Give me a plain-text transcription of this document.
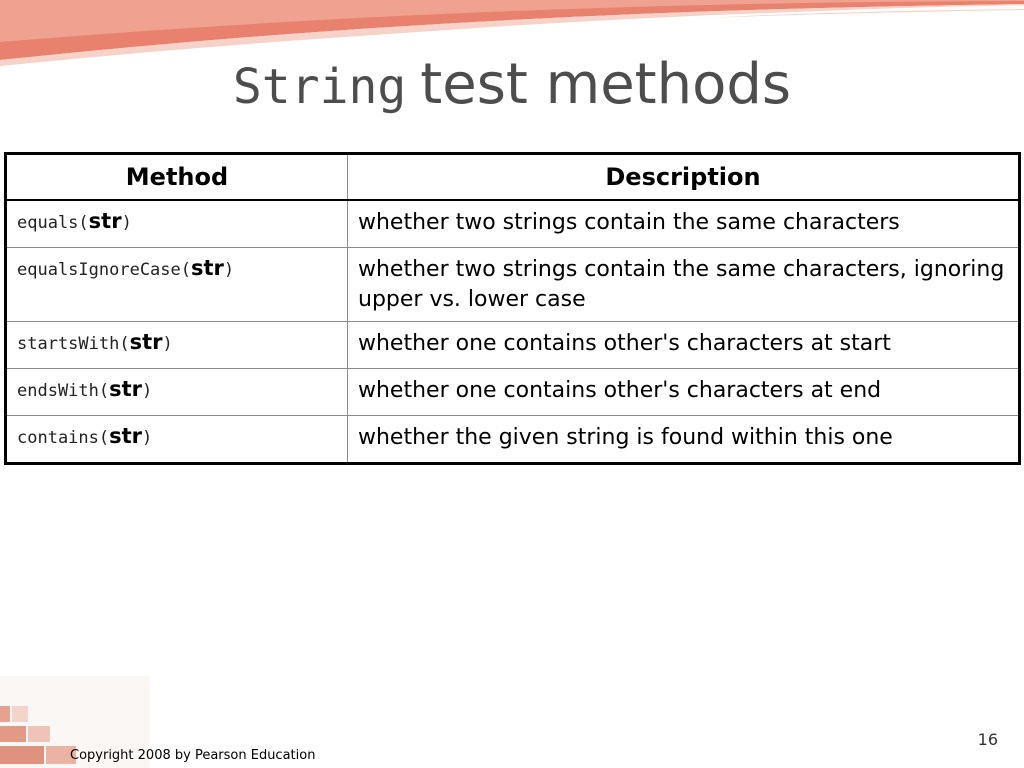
String test methods
Method	Description
equals(str)	whether two strings contain the same characters
equalsIgnoreCase(str)	whether two strings contain the same characters, ignoring upper vs. lower case
startsWith(str)	whether one contains other's characters at start
endsWith(str)	whether one contains other's characters at end
contains(str)	whether the given string is found within this one
Copyright 2008 by Pearson Education
16
